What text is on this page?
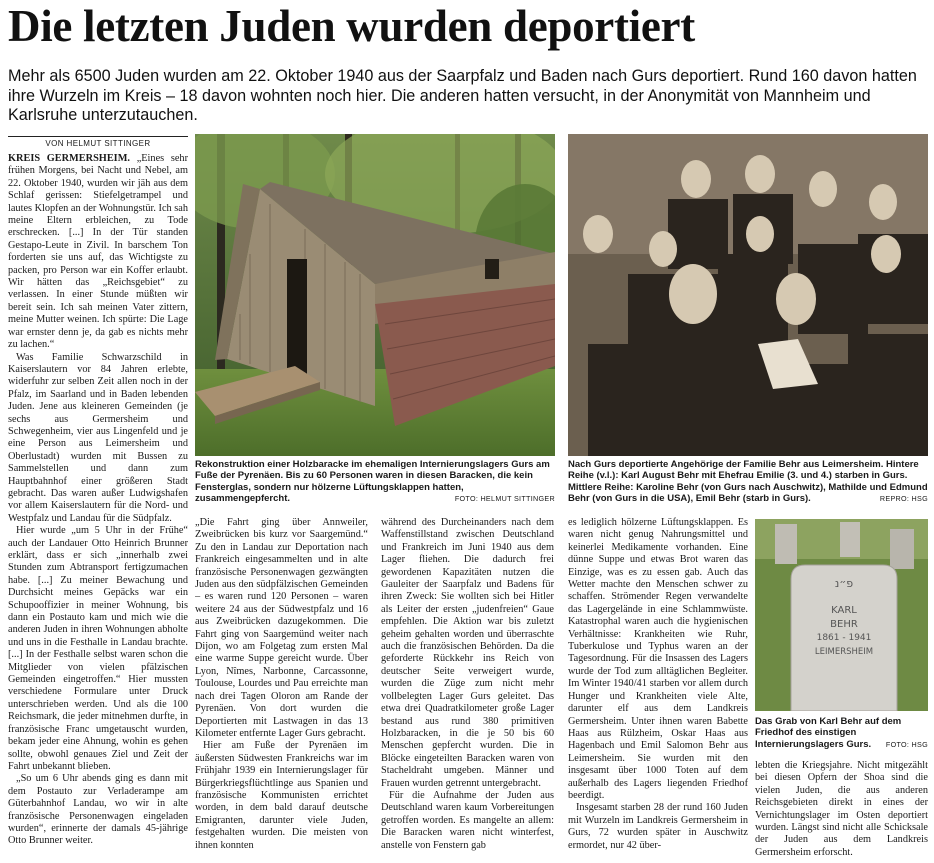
Die letzten Juden wurden deportiert
Mehr als 6500 Juden wurden am 22. Oktober 1940 aus der Saarpfalz und Baden nach Gurs deportiert. Rund 160 davon hatten ihre Wurzeln im Kreis – 18 davon wohnten noch hier. Die anderen hatten versucht, in der Anonymität von Mannheim und Karlsruhe unterzutauchen.
VON HELMUT SITTINGER

KREIS GERMERSHEIM. „Eines sehr frühen Morgens, bei Nacht und Nebel, am 22. Oktober 1940, wurden wir jäh aus dem Schlaf gerissen: Stiefelgetrampel und lautes Klopfen an der Wohnungstür. Ich sah meine Eltern erbleichen, zu Tode erschrecken. [...] In der Tür standen Gestapo-Leute in Zivil. In barschem Ton forderten sie uns auf, das Wichtigste zu packen, pro Person war ein Koffer erlaubt. Wir hätten das „Reichsgebiet“ zu verlassen. In einer Stunde müßten wir bereit sein. Ich sah meinen Vater zittern, meine Mutter weinen. Ich spürte: Die Lage war ernster denn je, da gab es nichts mehr zu lachen.“

Was Familie Schwarzschild in Kaiserslautern vor 84 Jahren erlebte, widerfuhr zur selben Zeit allen noch in der Pfalz, im Saarland und in Baden lebenden Juden. Jene aus kleineren Gemeinden (je sechs aus Germersheim und Schwegenheim, vier aus Lingenfeld und je eine Person aus Leimersheim und Oberlustadt) wurden mit Bussen zu Sammelstellen und dann zum Hauptbahnhof einer größeren Stadt gebracht. Das waren außer Ludwigshafen vor allem Kaiserslautern für die Nord- und Westpfalz und Landau für die Südpfalz.

Hier wurde „um 5 Uhr in der Frühe“ auch der Landauer Otto Heinrich Brunner erklärt, dass er sich „innerhalb zwei Stunden zum Abtransport fertigzumachen habe. [...] Zu meiner Bewachung und Durchsicht meines Gepäcks war ein Schupooffizier in meiner Wohnung, bis dann ein Postauto kam und mich wie die anderen Juden in ihren Wohnungen abholte und uns in die Festhalle in Landau brachte. [...] In der Festhalle selbst waren schon die Mitglieder von vielen pfälzischen Gemeinden eingetroffen.“ Hier mussten verschiedene Formulare unter Druck unterschrieben werden. Und als die 100 Reichsmark, die jeder mitnehmen durfte, in französische Franc umgetauscht wurden, bekam jeder eine Ahnung, wohin es gehen sollte, obwohl genaues Ziel und Zeit der Fahrt unbekannt blieben.

„So um 6 Uhr abends ging es dann mit dem Postauto zur Verladerampe am Güterbahnhof Landau, wo wir in alte französische Personenwagen eingeladen wurden“, erinnerte der damals 45-jährige Otto Brunner weiter.

Rekonstruktion einer Holzbaracke im ehemaligen Internierungslagers Gurs am Fuße der Pyrenäen. Bis zu 60 Personen waren in diesen Baracken, die kein Fensterglas, sondern nur hölzerne Lüftungsklappen hatten, zusammengepfercht.	FOTO: HELMUT SITTINGER
Nach Gurs deportierte Angehörige der Familie Behr aus Leimersheim. Hintere Reihe (v.l.): Karl August Behr mit Ehefrau Emilie (3. und 4.) starben in Gurs. Mittlere Reihe: Karoline Behr (von Gurs nach Auschwitz), Mathilde und Edmund Behr (von Gurs in die USA), Emil Behr (starb in Gurs).	REPRO: HSG

„Die Fahrt ging über Annweiler, Zweibrücken bis kurz vor Saargemünd.“ Zu den in Landau zur Deportation nach Frankreich eingesammelten und in alte französische Personenwagen gezwängten Juden aus den südpfälzischen Gemeinden – es waren rund 120 Personen – waren weitere 24 aus der Südwestpfalz und 16 aus Zweibrücken dazugekommen. Die Fahrt ging von Saargemünd weiter nach Dijon, wo am Folgetag zum ersten Mal eine warme Suppe gereicht wurde. Über Lyon, Nîmes, Narbonne, Carcassonne, Toulouse, Lourdes und Pau erreichte man nach drei Tagen Oloron am Rande der Pyrenäen. Von dort wurden die Deportierten mit Lastwagen in das 13 Kilometer entfernte Lager Gurs gebracht.

Hier am Fuße der Pyrenäen im äußersten Südwesten Frankreichs war im Frühjahr 1939 ein Internierungslager für Bürgerkriegsflüchtlinge aus Spanien und französische Kommunisten errichtet worden, in dem bald darauf deutsche Emigranten, darunter viele Juden, festgehalten wurden. Die meisten von ihnen konnten

während des Durcheinanders nach dem Waffenstillstand zwischen Deutschland und Frankreich im Juni 1940 aus dem Lager fliehen. Die dadurch frei gewordenen Kapazitäten nutzen die Gauleiter der Saarpfalz und Badens für ihren Zweck: Sie wollten sich bei Hitler als Leiter der ersten „judenfreien“ Gaue empfehlen. Die Aktion war bis zuletzt geheim gehalten worden und überraschte auch die französischen Behörden. Da die geforderte Rückkehr ins Reich von deutscher Seite verweigert wurde, wurden die Züge zum nicht mehr vollbelegten Lager Gurs geleitet. Das etwa drei Quadratkilometer große Lager bestand aus rund 380 primitiven Holzbaracken, in die je 50 bis 60 Menschen gepfercht wurden. Die in Blöcke eingeteilten Baracken waren von Stacheldraht umgeben. Männer und Frauen wurden getrennt untergebracht.

Für die Aufnahme der Juden aus Deutschland waren kaum Vorbereitungen getroffen worden. Es mangelte an allem: Die Baracken waren nicht winterfest, anstelle von Fenstern gab

es lediglich hölzerne Lüftungsklappen. Es waren nicht genug Nahrungsmittel und keinerlei Medikamente vorhanden. Eine dünne Suppe und etwas Brot waren das Einzige, was es zu essen gab. Auch das Wetter machte den Menschen schwer zu schaffen. Strömender Regen verwandelte das Lagergelände in eine Schlammwüste. Katastrophal waren auch die hygienischen Verhältnisse: Krankheiten wie Ruhr, Tuberkulose und Typhus waren an der Tagesordnung. Für die Insassen des Lagers wurde der Tod zum alltäglichen Begleiter. Im Winter 1940/41 starben vor allem durch Hunger und Krankheiten viele Alte, darunter elf aus dem Landkreis Germersheim. Unter ihnen waren Babette Haas aus Rülzheim, Oskar Haas aus Hagenbach und Emil Salomon Behr aus Leimersheim. Sie wurden mit den insgesamt über 1000 Toten auf dem außerhalb des Lagers liegenden Friedhof beerdigt.

Insgesamt starben 28 der rund 160 Juden mit Wurzeln im Landkreis Germersheim in Gurs, 72 wurden später in Auschwitz ermordet, nur 42 über-

פ״נ
KARL
BEHR
1861 - 1941
LEIMERSHEIM
Das Grab von Karl Behr auf dem Friedhof des einstigen Internierungslagers Gurs. FOTO: HSG

lebten die Kriegsjahre. Nicht mitgezählt bei diesen Opfern der Shoa sind die vielen Juden, die aus anderen Reichsgebieten direkt in eines der Vernichtungslager im Osten deportiert wurden. Längst sind nicht alle Schicksale der Juden aus dem Landkreis Germersheim erforscht.
